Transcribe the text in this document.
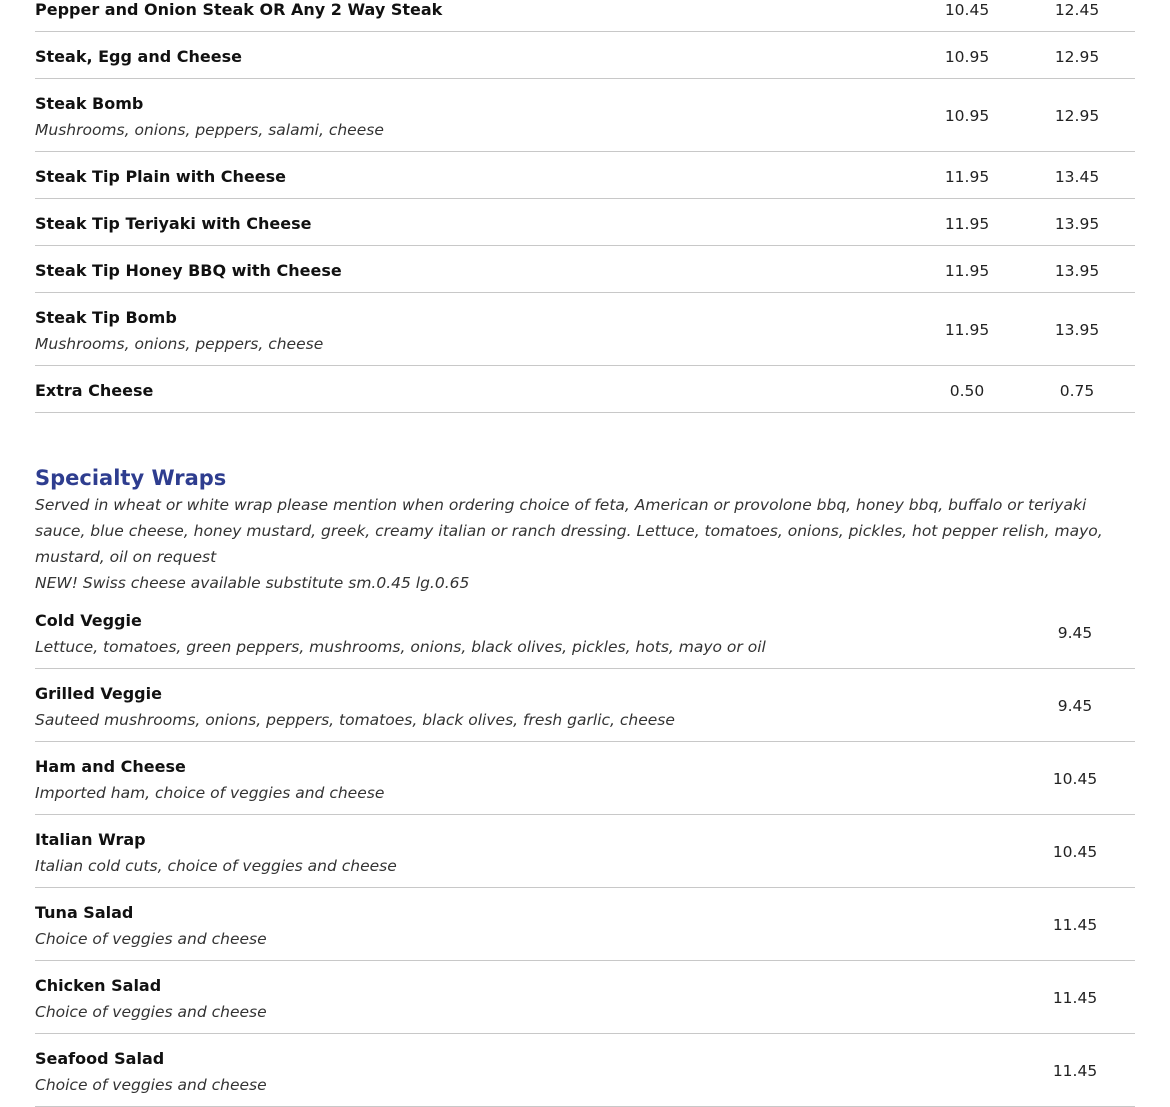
Pepper and Onion Steak OR Any 2 Way Steak	10.45	12.45
Steak, Egg and Cheese	10.95	12.95
Steak Bomb
Mushrooms, onions, peppers, salami, cheese
10.95	12.95
Steak Tip Plain with Cheese	11.95	13.45
Steak Tip Teriyaki with Cheese	11.95	13.95
Steak Tip Honey BBQ with Cheese	11.95	13.95
Steak Tip Bomb
Mushrooms, onions, peppers, cheese
11.95	13.95
Extra Cheese	0.50	0.75
Specialty Wraps
Served in wheat or white wrap please mention when ordering choice of feta, American or provolone bbq, honey bbq, buffalo or teriyaki sauce, blue cheese, honey mustard, greek, creamy italian or ranch dressing. Lettuce, tomatoes, onions, pickles, hot pepper relish, mayo, mustard, oil on request
NEW! Swiss cheese available substitute sm.0.45 lg.0.65
Cold Veggie
Lettuce, tomatoes, green peppers, mushrooms, onions, black olives, pickles, hots, mayo or oil
9.45
Grilled Veggie
Sauteed mushrooms, onions, peppers, tomatoes, black olives, fresh garlic, cheese
9.45
Ham and Cheese
Imported ham, choice of veggies and cheese
10.45
Italian Wrap
Italian cold cuts, choice of veggies and cheese
10.45
Tuna Salad
Choice of veggies and cheese
11.45
Chicken Salad
Choice of veggies and cheese
11.45
Seafood Salad
Choice of veggies and cheese
11.45
